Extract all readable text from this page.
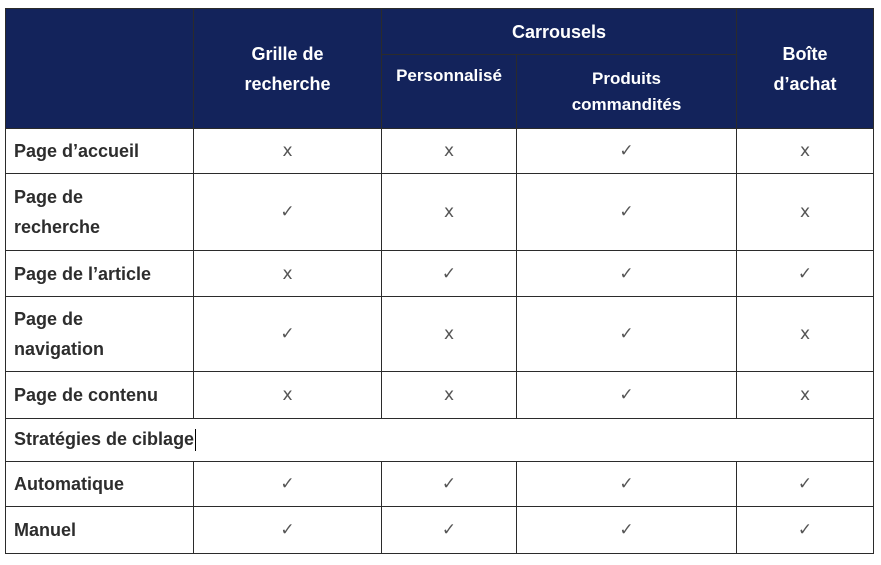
	Grille de recherche	Carrousels		Boîte d’achat
		Personnalisé	Produits commandités	
Page d’accueil	x	x	✓	x
Page de recherche	✓	x	✓	x
Page de l’article	x	✓	✓	✓
Page de navigation	✓	x	✓	x
Page de contenu	x	x	✓	x
Stratégies de ciblage				
Automatique	✓	✓	✓	✓
Manuel	✓	✓	✓	✓
